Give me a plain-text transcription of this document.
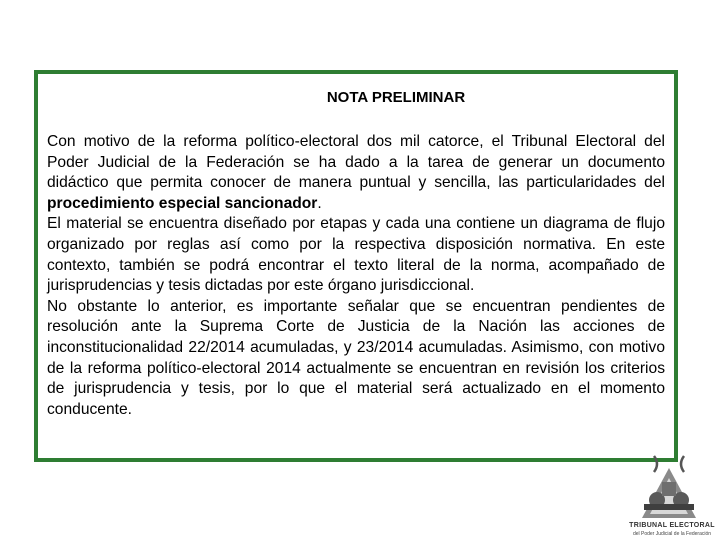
NOTA PRELIMINAR

Con motivo de la reforma político-electoral dos mil catorce, el Tribunal Electoral del Poder Judicial de la Federación se ha dado a la tarea de generar un documento didáctico que permita conocer de manera puntual y sencilla, las particularidades del procedimiento especial sancionador.

El material se encuentra diseñado por etapas y cada una contiene un diagrama de flujo organizado por reglas así como por la respectiva disposición normativa. En este contexto, también se podrá encontrar el texto literal de la norma, acompañado de jurisprudencias y tesis dictadas por este órgano jurisdiccional.

No obstante lo anterior, es importante señalar que se encuentran pendientes de resolución ante la Suprema Corte de Justicia de la Nación las acciones de inconstitucionalidad 22/2014 acumuladas, y 23/2014 acumuladas. Asimismo, con motivo de la reforma político-electoral 2014 actualmente se encuentran en revisión los criterios de jurisprudencia y tesis, por lo que el material será actualizado en el momento conducente.

TRIBUNAL ELECTORAL
del Poder Judicial de la Federación
